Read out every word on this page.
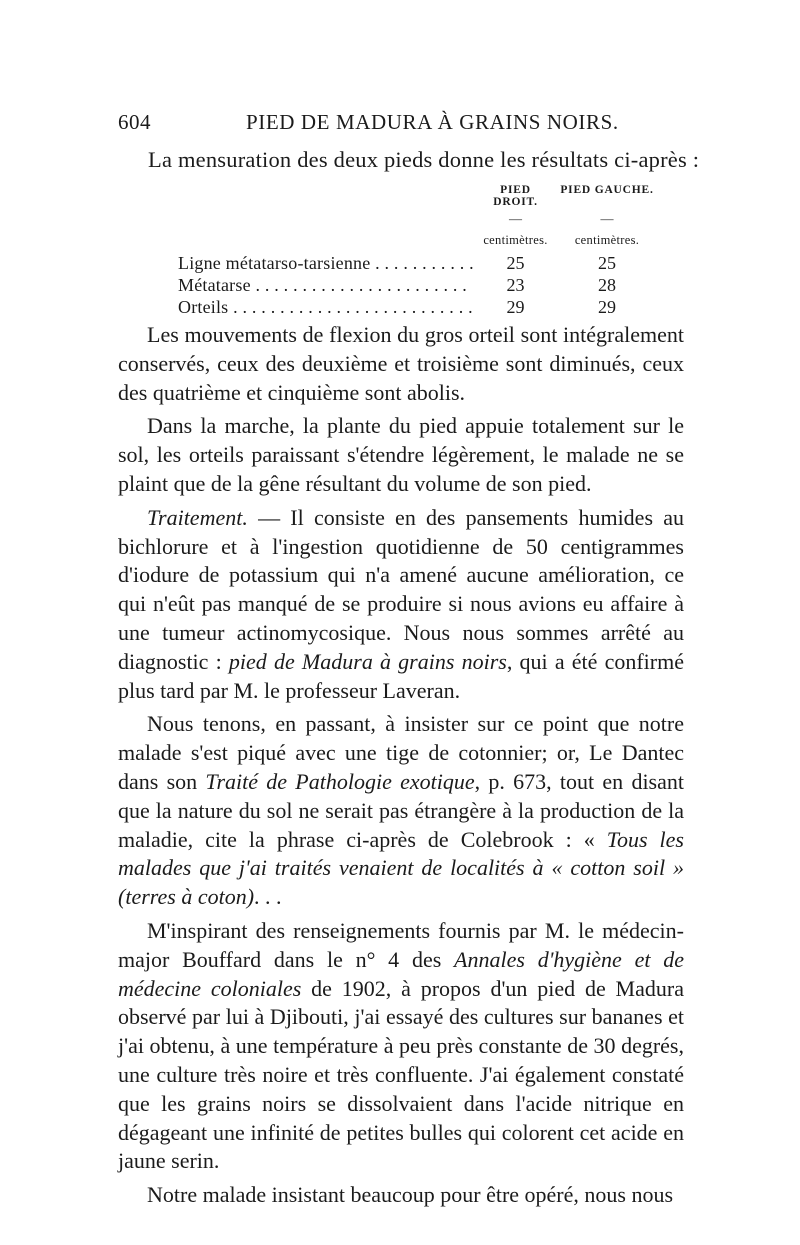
604	PIED DE MADURA À GRAINS NOIRS.
La mensuration des deux pieds donne les résultats ci-après :
	PIED DROIT.	PIED GAUCHE.
	—	—
	centimètres.	centimètres.
Ligne métatarso-tarsienne . . . . . . . . . . .	25	25
Métatarse . . . . . . . . . . . . . . . . . . . . . . .	23	28
Orteils . . . . . . . . . . . . . . . . . . . . . . . . . .	29	29

Les mouvements de flexion du gros orteil sont intégralement conservés, ceux des deuxième et troisième sont diminués, ceux des quatrième et cinquième sont abolis.

Dans la marche, la plante du pied appuie totalement sur le sol, les orteils paraissant s'étendre légèrement, le malade ne se plaint que de la gêne résultant du volume de son pied.

Traitement. — Il consiste en des pansements humides au bichlorure et à l'ingestion quotidienne de 50 centigrammes d'iodure de potassium qui n'a amené aucune amélioration, ce qui n'eût pas manqué de se produire si nous avions eu affaire à une tumeur actinomycosique. Nous nous sommes arrêté au diagnostic : pied de Madura à grains noirs, qui a été confirmé plus tard par M. le professeur Laveran.

Nous tenons, en passant, à insister sur ce point que notre malade s'est piqué avec une tige de cotonnier; or, Le Dantec dans son Traité de Pathologie exotique, p. 673, tout en disant que la nature du sol ne serait pas étrangère à la production de la maladie, cite la phrase ci-après de Colebrook : « Tous les malades que j'ai traités venaient de localités à « cotton soil » (terres à coton). . .

M'inspirant des renseignements fournis par M. le médecin-major Bouffard dans le n° 4 des Annales d'hygiène et de médecine coloniales de 1902, à propos d'un pied de Madura observé par lui à Djibouti, j'ai essayé des cultures sur bananes et j'ai obtenu, à une température à peu près constante de 30 degrés, une culture très noire et très confluente. J'ai également constaté que les grains noirs se dissolvaient dans l'acide nitrique en dégageant une infinité de petites bulles qui colorent cet acide en jaune serin.

Notre malade insistant beaucoup pour être opéré, nous nous
